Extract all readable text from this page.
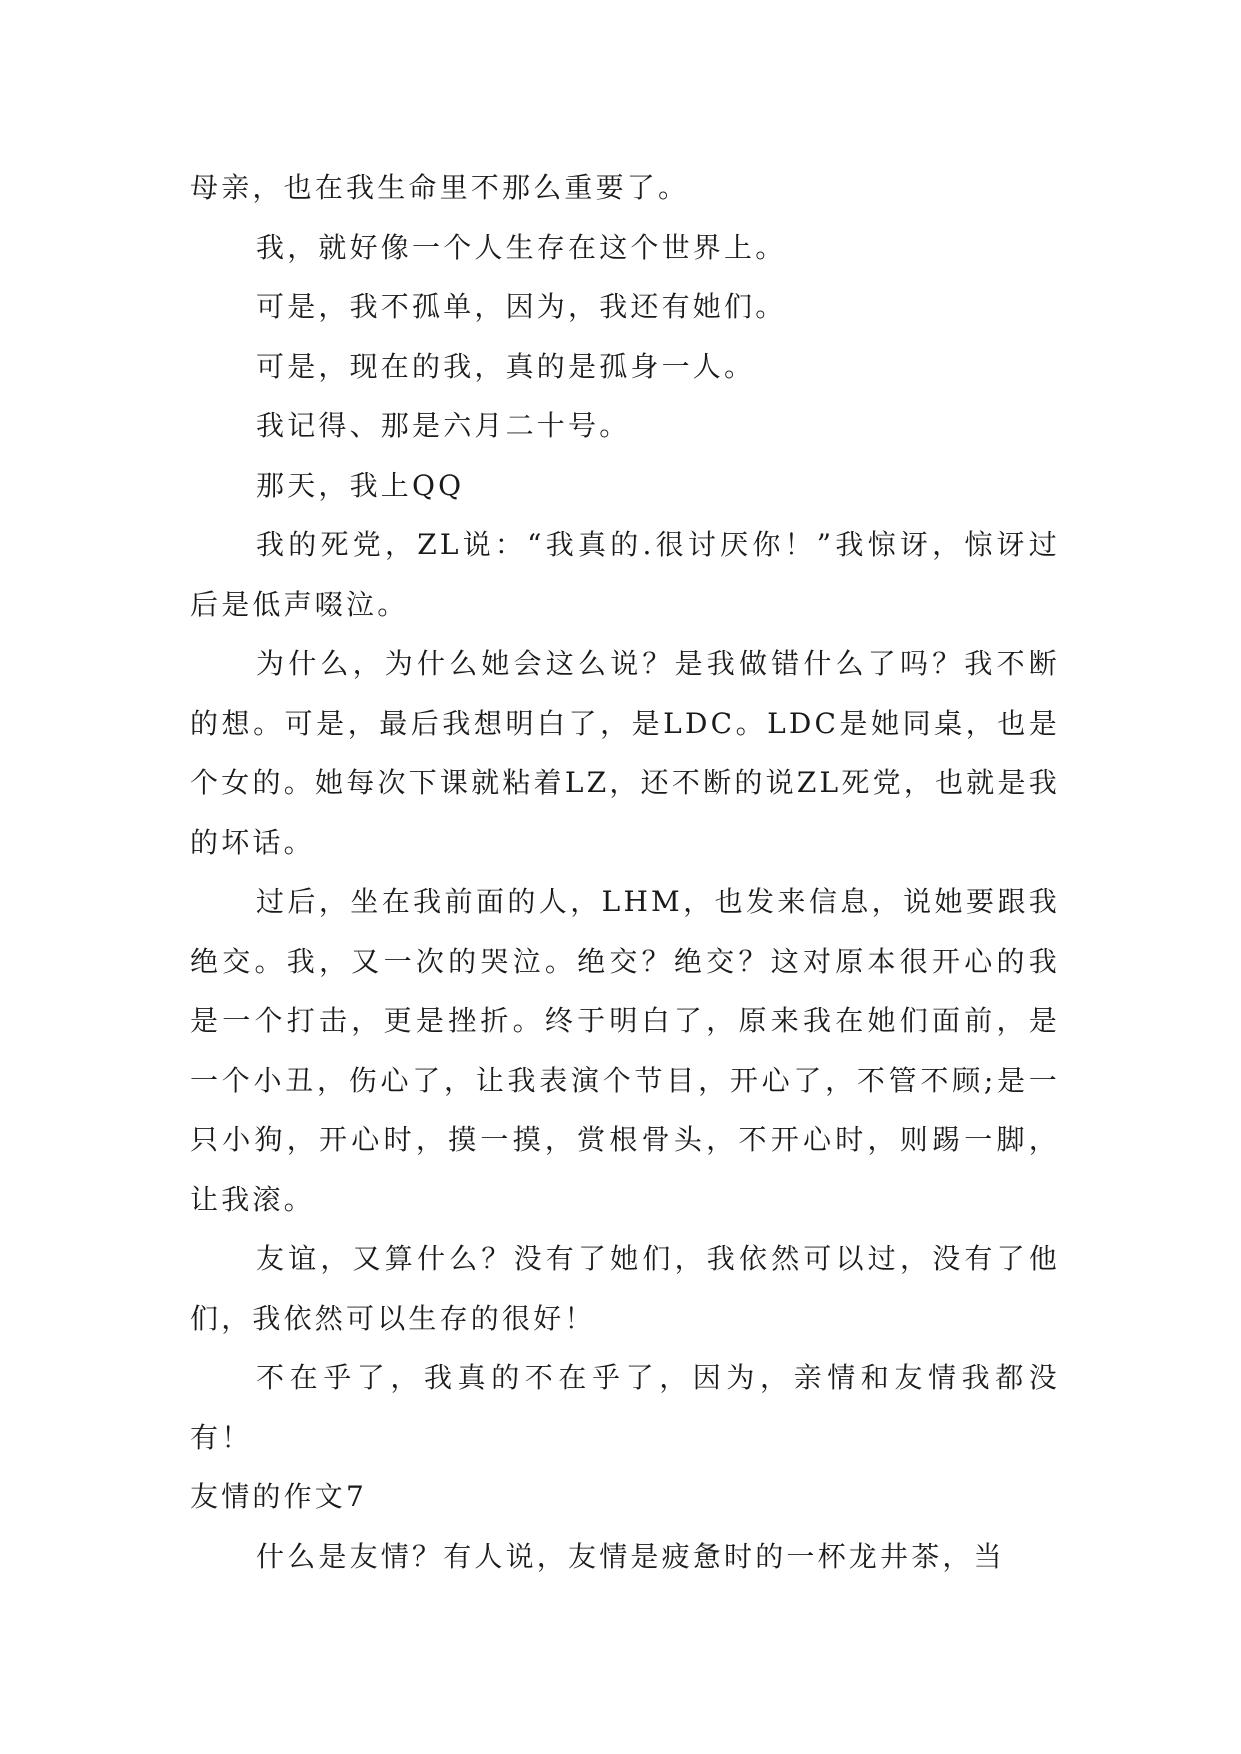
母亲，也在我生命里不那么重要了。

我，就好像一个人生存在这个世界上。

可是，我不孤单，因为，我还有她们。

可是，现在的我，真的是孤身一人。

我记得、那是六月二十号。

那天，我上QQ

我的死党，ZL说：“我真的.很讨厌你！”我惊讶，惊讶过后是低声啜泣。

为什么，为什么她会这么说？是我做错什么了吗？我不断的想。可是，最后我想明白了，是LDC。LDC是她同桌，也是个女的。她每次下课就粘着LZ，还不断的说ZL死党，也就是我的坏话。

过后，坐在我前面的人，LHM，也发来信息，说她要跟我绝交。我，又一次的哭泣。绝交？绝交？这对原本很开心的我是一个打击，更是挫折。终于明白了，原来我在她们面前，是一个小丑，伤心了，让我表演个节目，开心了，不管不顾;是一只小狗，开心时，摸一摸，赏根骨头，不开心时，则踢一脚，让我滚。

友谊，又算什么？没有了她们，我依然可以过，没有了他们，我依然可以生存的很好！

不在乎了，我真的不在乎了，因为，亲情和友情我都没有！

友情的作文7

什么是友情？有人说，友情是疲惫时的一杯龙井茶，当
